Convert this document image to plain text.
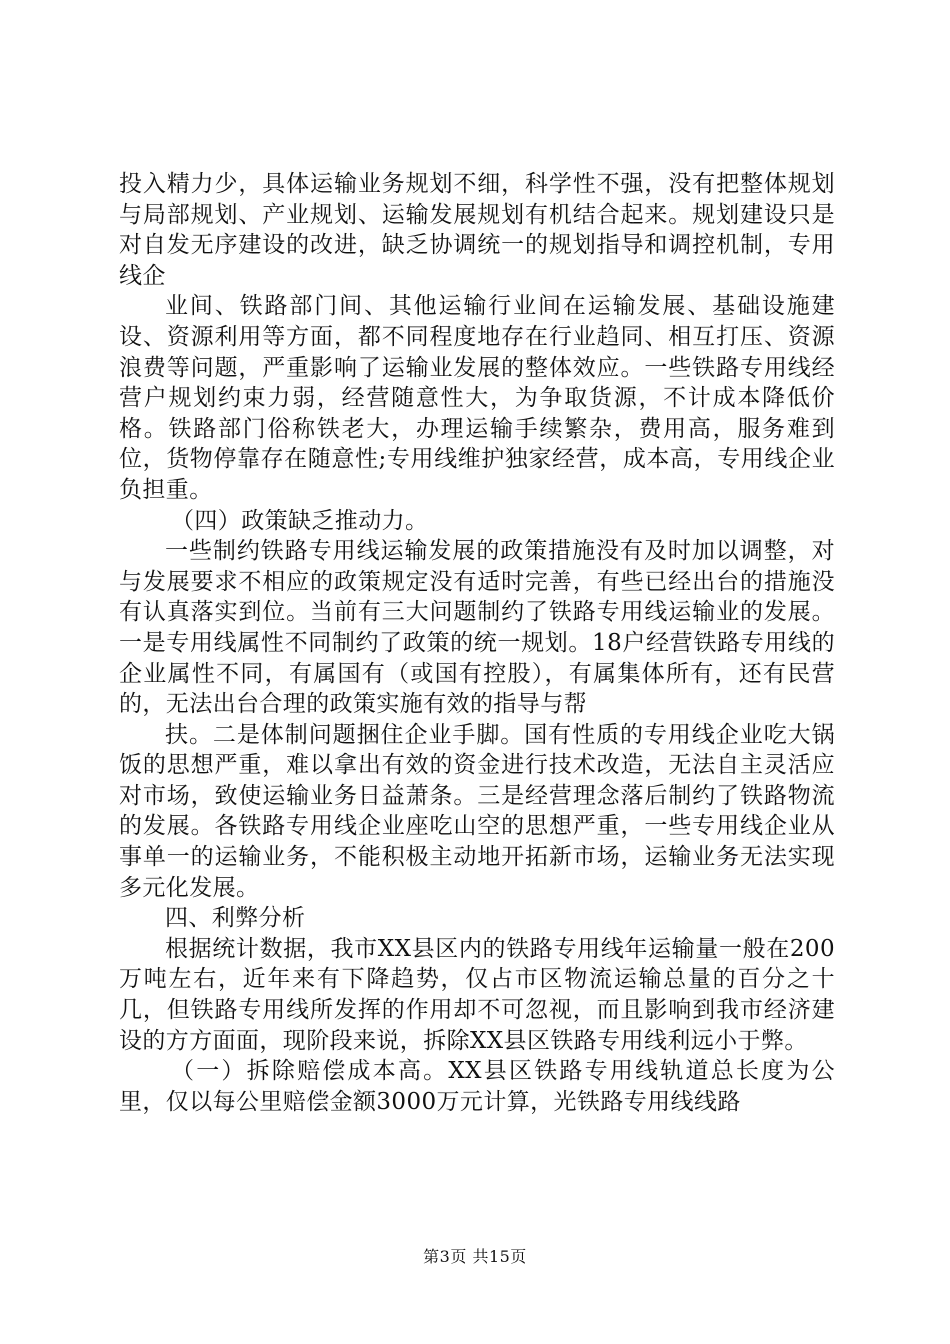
投入精力少，具体运输业务规划不细，科学性不强，没有把整体规划与局部规划、产业规划、运输发展规划有机结合起来。规划建设只是对自发无序建设的改进，缺乏协调统一的规划指导和调控机制，专用线企

业间、铁路部门间、其他运输行业间在运输发展、基础设施建设、资源利用等方面，都不同程度地存在行业趋同、相互打压、资源浪费等问题，严重影响了运输业发展的整体效应。一些铁路专用线经营户规划约束力弱，经营随意性大，为争取货源，不计成本降低价格。铁路部门俗称铁老大，办理运输手续繁杂，费用高，服务难到位，货物停靠存在随意性;专用线维护独家经营，成本高，专用线企业负担重。

（四）政策缺乏推动力。

一些制约铁路专用线运输发展的政策措施没有及时加以调整，对与发展要求不相应的政策规定没有适时完善，有些已经出台的措施没有认真落实到位。当前有三大问题制约了铁路专用线运输业的发展。一是专用线属性不同制约了政策的统一规划。18户经营铁路专用线的企业属性不同，有属国有（或国有控股），有属集体所有，还有民营的，无法出台合理的政策实施有效的指导与帮

扶。二是体制问题捆住企业手脚。国有性质的专用线企业吃大锅饭的思想严重，难以拿出有效的资金进行技术改造，无法自主灵活应对市场，致使运输业务日益萧条。三是经营理念落后制约了铁路物流的发展。各铁路专用线企业座吃山空的思想严重，一些专用线企业从事单一的运输业务，不能积极主动地开拓新市场，运输业务无法实现多元化发展。

四、利弊分析

根据统计数据，我市XX县区内的铁路专用线年运输量一般在200万吨左右，近年来有下降趋势，仅占市区物流运输总量的百分之十几，但铁路专用线所发挥的作用却不可忽视，而且影响到我市经济建设的方方面面，现阶段来说，拆除XX县区铁路专用线利远小于弊。

（一）拆除赔偿成本高。XX县区铁路专用线轨道总长度为公里，仅以每公里赔偿金额3000万元计算，光铁路专用线线路

第3页 共15页
